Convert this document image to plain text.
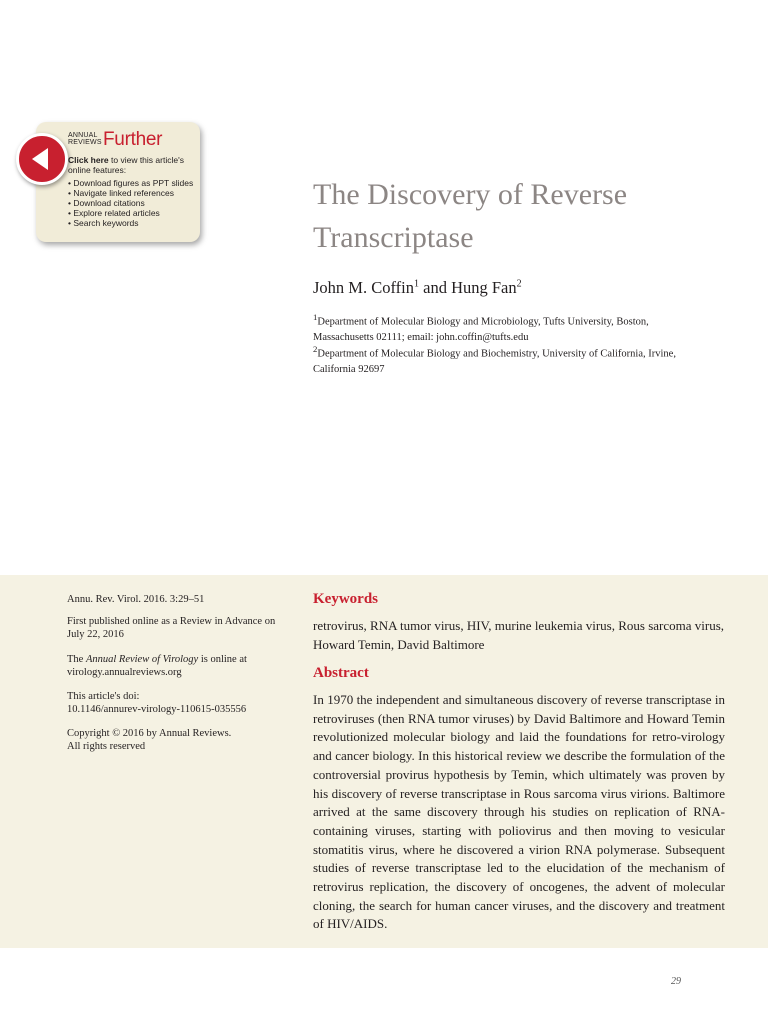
ANNUAL
REVIEWS Further
Click here to view this article's online features:
• Download figures as PPT slides
• Navigate linked references
• Download citations
• Explore related articles
• Search keywords
The Discovery of Reverse Transcriptase
John M. Coffin$^1$ and Hung Fan$^2$
$^1$Department of Molecular Biology and Microbiology, Tufts University, Boston, Massachusetts 02111; email: john.coffin@tufts.edu
$^2$Department of Molecular Biology and Biochemistry, University of California, Irvine, California 92697
Annu. Rev. Virol. 2016. 3:29–51
First published online as a Review in Advance on July 22, 2016
The Annual Review of Virology is online at virology.annualreviews.org
This article's doi:
10.1146/annurev-virology-110615-035556
Copyright © 2016 by Annual Reviews.
All rights reserved
Keywords

retrovirus, RNA tumor virus, HIV, murine leukemia virus, Rous sarcoma virus, Howard Temin, David Baltimore

Abstract

In 1970 the independent and simultaneous discovery of reverse transcriptase in retroviruses (then RNA tumor viruses) by David Baltimore and Howard Temin revolutionized molecular biology and laid the foundations for retro-virology and cancer biology. In this historical review we describe the formulation of the controversial provirus hypothesis by Temin, which ultimately was proven by his discovery of reverse transcriptase in Rous sarcoma virus virions. Baltimore arrived at the same discovery through his studies on replication of RNA-containing viruses, starting with poliovirus and then moving to vesicular stomatitis virus, where he discovered a virion RNA polymerase. Subsequent studies of reverse transcriptase led to the elucidation of the mechanism of retrovirus replication, the discovery of oncogenes, the advent of molecular cloning, the search for human cancer viruses, and the discovery and treatment of HIV/AIDS.

29
